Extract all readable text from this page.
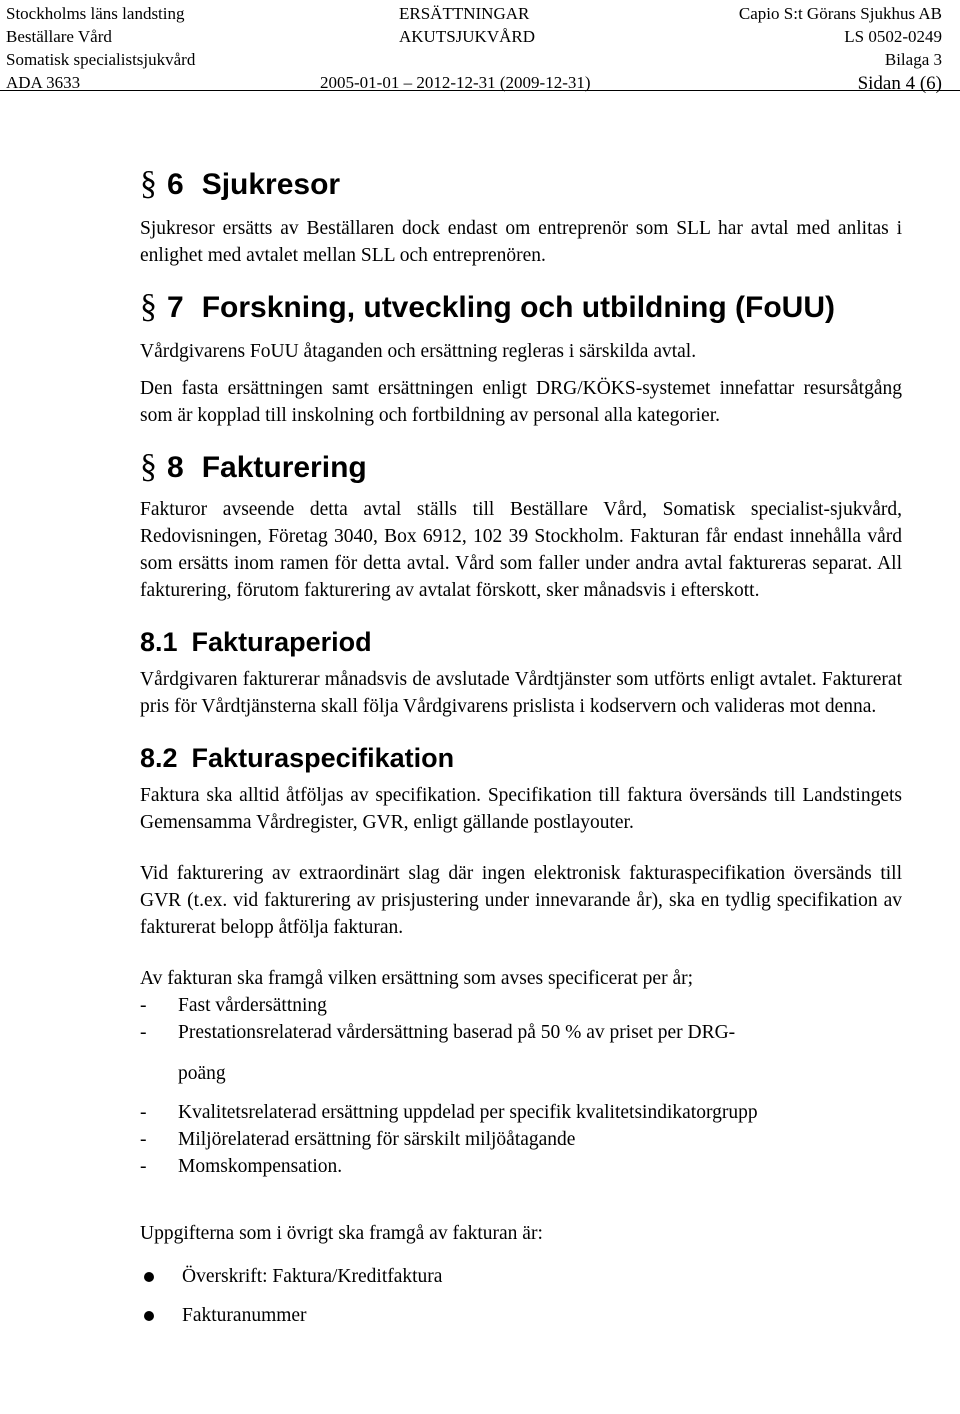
Stockholms läns landsting
Beställare Vård
Somatisk specialistsjukvård
ADA 3633
ERSÄTTNINGAR
AKUTSJUKVÅRD
2005-01-01 – 2012-12-31 (2009-12-31)
Capio S:t Görans Sjukhus AB
LS 0502-0249
Bilaga 3
Sidan 4 (6)
§ 6 Sjukresor

Sjukresor ersätts av Beställaren dock endast om entreprenör som SLL har avtal med anlitas i enlighet med avtalet mellan SLL och entreprenören.

§ 7 Forskning, utveckling och utbildning (FoUU)

Vårdgivarens FoUU åtaganden och ersättning regleras i särskilda avtal.

Den fasta ersättningen samt ersättningen enligt DRG/KÖKS-systemet innefattar resursåtgång som är kopplad till inskolning och fortbildning av personal alla kategorier.

§ 8 Fakturering

Fakturor avseende detta avtal ställs till Beställare Vård, Somatisk specialist-sjukvård, Redovisningen, Företag 3040, Box 6912, 102 39 Stockholm. Fakturan får endast innehålla vård som ersätts inom ramen för detta avtal. Vård som faller under andra avtal faktureras separat. All fakturering, förutom fakturering av avtalat förskott, sker månadsvis i efterskott.

8.1 Fakturaperiod

Vårdgivaren fakturerar månadsvis de avslutade Vårdtjänster som utförts enligt avtalet. Fakturerat pris för Vårdtjänsterna skall följa Vårdgivarens prislista i kodservern och valideras mot denna.

8.2 Fakturaspecifikation

Faktura ska alltid åtföljas av specifikation. Specifikation till faktura översänds till Landstingets Gemensamma Vårdregister, GVR, enligt gällande postlayouter.

Vid fakturering av extraordinärt slag där ingen elektronisk fakturaspecifikation översänds till GVR (t.ex. vid fakturering av prisjustering under innevarande år), ska en tydlig specifikation av fakturerat belopp åtfölja fakturan.

Av fakturan ska framgå vilken ersättning som avses specificerat per år;

-	Fast vårdersättning
-	Prestationsrelaterad vårdersättning baserad på 50 % av priset per DRG-
poäng
-	Kvalitetsrelaterad ersättning uppdelad per specifik kvalitetsindikatorgrupp
-	Miljörelaterad ersättning för särskilt miljöåtagande
-	Momskompensation.

Uppgifterna som i övrigt ska framgå av fakturan är:

Överskrift: Faktura/Kreditfaktura
Fakturanummer
